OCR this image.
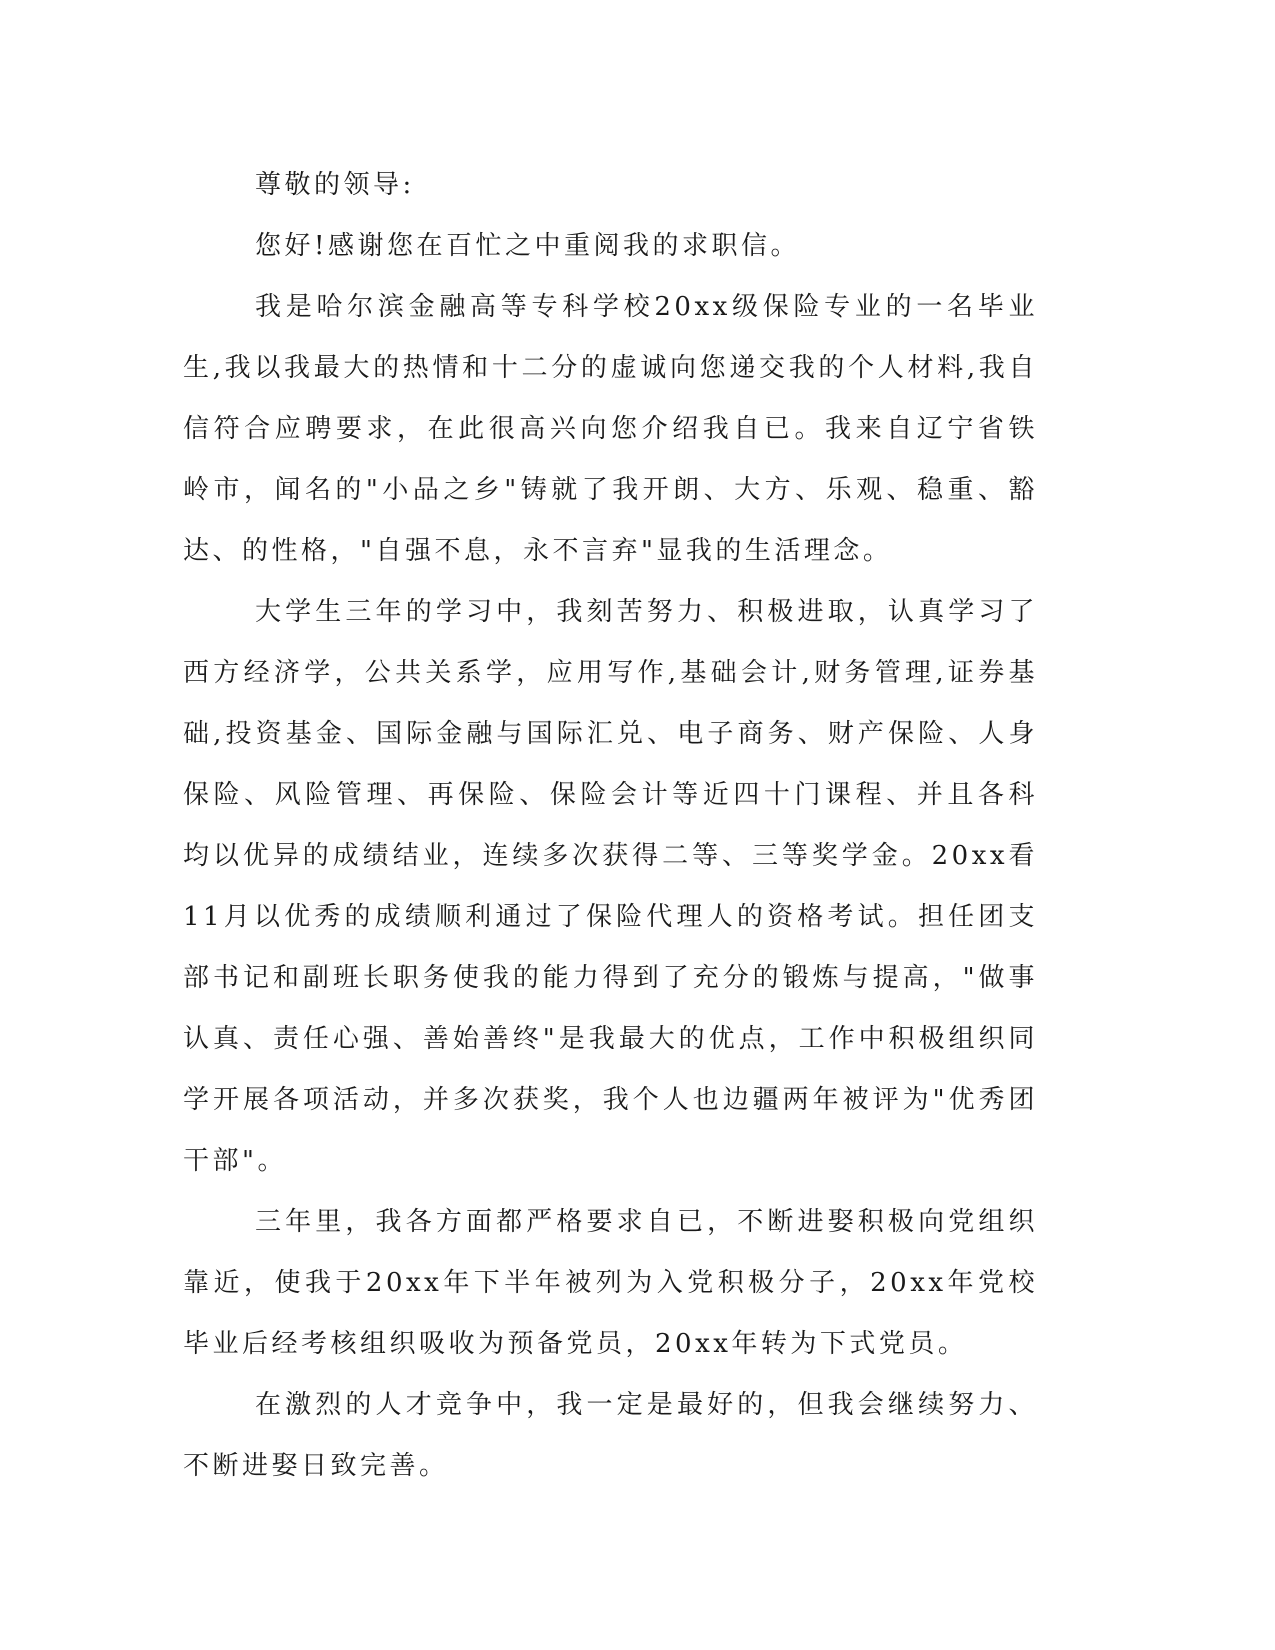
尊敬的领导:

您好!感谢您在百忙之中重阅我的求职信。

我是哈尔滨金融高等专科学校20xx级保险专业的一名毕业生,我以我最大的热情和十二分的虚诚向您递交我的个人材料,我自信符合应聘要求，在此很高兴向您介绍我自已。我来自辽宁省铁岭市，闻名的"小品之乡"铸就了我开朗、大方、乐观、稳重、豁达、的性格，"自强不息，永不言弃"显我的生活理念。

大学生三年的学习中，我刻苦努力、积极进取，认真学习了西方经济学，公共关系学，应用写作,基础会计,财务管理,证券基础,投资基金、国际金融与国际汇兑、电子商务、财产保险、人身保险、风险管理、再保险、保险会计等近四十门课程、并且各科均以优异的成绩结业，连续多次获得二等、三等奖学金。20xx看11月以优秀的成绩顺利通过了保险代理人的资格考试。担任团支部书记和副班长职务使我的能力得到了充分的锻炼与提高，"做事认真、责任心强、善始善终"是我最大的优点，工作中积极组织同学开展各项活动，并多次获奖，我个人也边疆两年被评为"优秀团干部"。

三年里，我各方面都严格要求自已，不断进娶积极向党组织靠近，使我于20xx年下半年被列为入党积极分子，20xx年党校毕业后经考核组织吸收为预备党员，20xx年转为下式党员。

在激烈的人才竞争中，我一定是最好的，但我会继续努力、不断进娶日致完善。
